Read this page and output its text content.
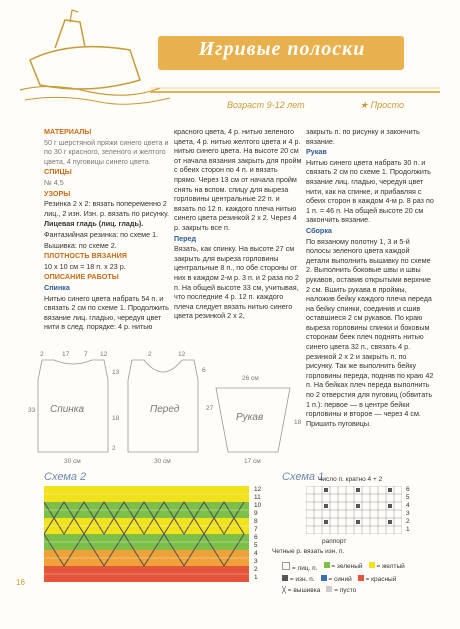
Игривые полоски
Возраст 9-12 лет	★ Просто

МАТЕРИАЛЫ

50 г шерстяной пряжи синего цвета и по 30 г красного, зеленого и желтого цвета, 4 пуговицы синего цвета.

СПИЦЫ

№ 4,5

УЗОРЫ

Резинка 2 х 2: вязать попеременно 2 лиц., 2 изн. Изн. р. вязать по рисунку.

Лицевая гладь (лиц. гладь).

Фантазийная резинка: по схеме 1.

Вышивка: по схеме 2.

ПЛОТНОСТЬ ВЯЗАНИЯ

10 х 10 см = 18 п. х 23 р.

ОПИСАНИЕ РАБОТЫ

Спинка

Нитью синего цвета набрать 54 п. и связать 2 см по схеме 1. Продолжить вязание лиц. гладью, чередуя цвет нити в след. порядке: 4 р. нитью

красного цвета, 4 р. нитью зеленого цвета, 4 р. нитью желтого цвета и 4 р. нитью синего цвета. На высоте 20 см от начала вязания закрыть для пройм с обеих сторон по 4 п. и вязать прямо. Через 13 см от начала пройм снять на вспом. спицу для выреза горловины центральные 22 п. и вязать по 12 п. каждого плеча нитью синего цвета резинкой 2 х 2. Через 4 р. закрыть все п.

Перед

Вязать, как спинку. На высоте 27 см закрыть для выреза горловины центральные 8 п., по обе стороны от них в каждом 2-м р. 3 п. и 2 раза по 2 п. На общей высоте 33 см, учитывая, что последние 4 р. 12 п. каждого плеча следует вязать нитью синего цвета резинкой 2 х 2,

закрыть п. по рисунку и закончить вязание.

Рукав

Нитью синего цвета набрать 30 п. и связать 2 см по схеме 1. Продолжить вязание лиц. гладью, чередуя цвет нити, как на спинке, и прибавляя с обеих сторон в каждом 4-м р. 8 раз по 1 п. = 46 п. На общей высоте 20 см закончить вязание.

Сборка

По вязаному полотну 1, 3 и 5-й полосы зеленого цвета каждой детали выполнить вышивку по схеме 2. Выполнить боковые швы и швы рукавов, оставив открытыми верхние 2 см. Вшить рукава в проймы, наложив бейку каждого плеча переда на бейку спинки, соединив и сшив оставшиеся 2 см рукавов. По краю выреза горловины спинки и боковым сторонам беек плеч поднять нитью синего цвета 32 п., связать 4 р. резинкой 2 х 2 и закрыть п. по рисунку. Так же выполнить бейку горловины переда, подняв по краю 42 п. На бейках плеч переда выполнить по 2 отверстия для пуговиц (обвитать 1 п.): первое — в центре бейки горловины и второе — через 4 см. Пришить пуговицы.

Спинка	Перед
Рукав
2	17 7 12
33
13
18
2
30 см
6
2	12
30 см
26 см
27
18
17 см
Схема 2
12
11
10
9
8
7
6
5
4
3
2
1
Схема 1
Число п. кратно 4 + 2
6
5
4
3
2
1
раппорт
Четные р. вязать изн. п.
= лиц. п.	= зеленый	= желтый
= изн. п.	= синий	= красный
╳ = вышивка	= пусто
16
